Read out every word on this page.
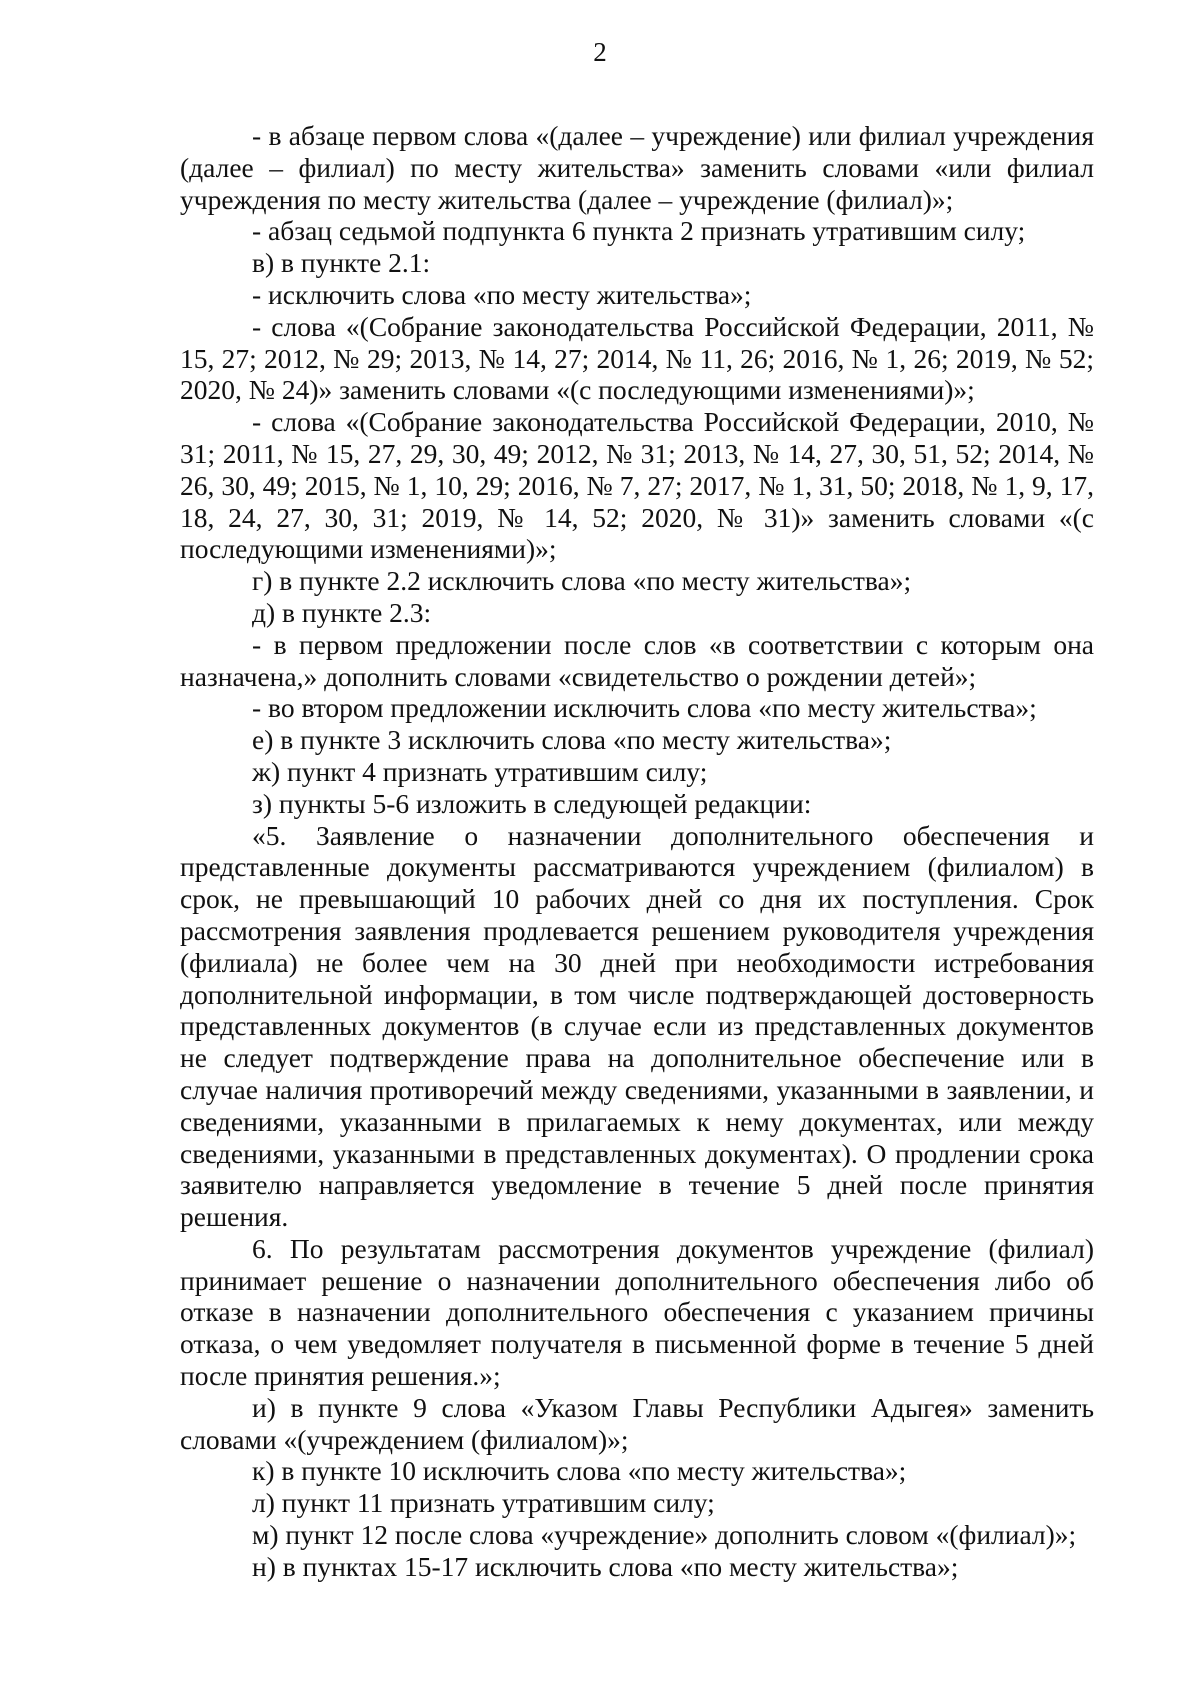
2

- в абзаце первом слова «(далее – учреждение) или филиал учреждения (далее – филиал) по месту жительства» заменить словами «или филиал учреждения по месту жительства (далее – учреждение (филиал)»;

- абзац седьмой подпункта 6 пункта 2 признать утратившим силу;

в) в пункте 2.1:

- исключить слова «по месту жительства»;

- слова «(Собрание законодательства Российской Федерации, 2011, № 15, 27; 2012, № 29; 2013, № 14, 27; 2014, № 11, 26; 2016, № 1, 26; 2019, № 52; 2020, № 24)» заменить словами «(с последующими изменениями)»;

- слова «(Собрание законодательства Российской Федерации, 2010, № 31; 2011, № 15, 27, 29, 30, 49; 2012, № 31; 2013, № 14, 27, 30, 51, 52; 2014, № 26, 30, 49; 2015, № 1, 10, 29; 2016, № 7, 27; 2017, № 1, 31, 50; 2018, № 1, 9, 17, 18, 24, 27, 30, 31; 2019, № 14, 52; 2020, № 31)» заменить словами «(с последующими изменениями)»;

г) в пункте 2.2 исключить слова «по месту жительства»;

д) в пункте 2.3:

- в первом предложении после слов «в соответствии с которым она назначена,» дополнить словами «свидетельство о рождении детей»;

- во втором предложении исключить слова «по месту жительства»;

е) в пункте 3 исключить слова «по месту жительства»;

ж) пункт 4 признать утратившим силу;

з) пункты 5-6 изложить в следующей редакции:

«5. Заявление о назначении дополнительного обеспечения и представленные документы рассматриваются учреждением (филиалом) в срок, не превышающий 10 рабочих дней со дня их поступления. Срок рассмотрения заявления продлевается решением руководителя учреждения (филиала) не более чем на 30 дней при необходимости истребования дополнительной информации, в том числе подтверждающей достоверность представленных документов (в случае если из представленных документов не следует подтверждение права на дополнительное обеспечение или в случае наличия противоречий между сведениями, указанными в заявлении, и сведениями, указанными в прилагаемых к нему документах, или между сведениями, указанными в представленных документах). О продлении срока заявителю направляется уведомление в течение 5 дней после принятия решения.

6. По результатам рассмотрения документов учреждение (филиал) принимает решение о назначении дополнительного обеспечения либо об отказе в назначении дополнительного обеспечения с указанием причины отказа, о чем уведомляет получателя в письменной форме в течение 5 дней после принятия решения.»;

и) в пункте 9 слова «Указом Главы Республики Адыгея» заменить словами «(учреждением (филиалом)»;

к) в пункте 10 исключить слова «по месту жительства»;

л) пункт 11 признать утратившим силу;

м) пункт 12 после слова «учреждение» дополнить словом «(филиал)»;

н) в пунктах 15-17 исключить слова «по месту жительства»;
